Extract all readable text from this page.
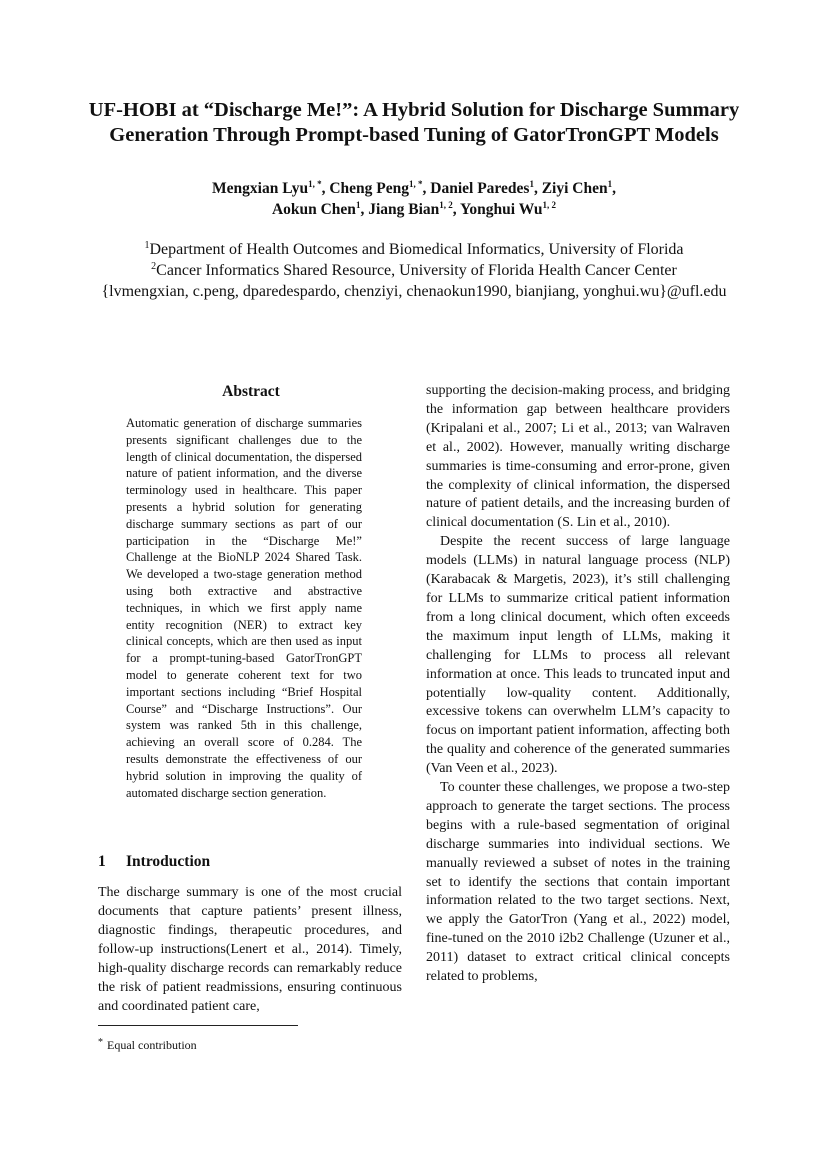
UF-HOBI at “Discharge Me!”: A Hybrid Solution for Discharge Summary
Generation Through Prompt-based Tuning of GatorTronGPT Models
Mengxian Lyu$^{1, *}$, Cheng Peng$^{1, *}$, Daniel Paredes$^1$, Ziyi Chen$^1$,
Aokun Chen$^1$, Jiang Bian$^{1, 2}$, Yonghui Wu$^{1, 2}$
$^1$Department of Health Outcomes and Biomedical Informatics, University of Florida
$^2$Cancer Informatics Shared Resource, University of Florida Health Cancer Center
{lvmengxian, c.peng, dparedespardo, chenziyi, chenaokun1990, bianjiang, yonghui.wu}@ufl.edu
Abstract
Automatic generation of discharge summaries presents significant challenges due to the length of clinical documentation, the dispersed nature of patient information, and the diverse terminology used in healthcare. This paper presents a hybrid solution for generating discharge summary sections as part of our participation in the “Discharge Me!” Challenge at the BioNLP 2024 Shared Task. We developed a two-stage generation method using both extractive and abstractive techniques, in which we first apply name entity recognition (NER) to extract key clinical concepts, which are then used as input for a prompt-tuning-based GatorTronGPT model to generate coherent text for two important sections including “Brief Hospital Course” and “Discharge Instructions”. Our system was ranked 5th in this challenge, achieving an overall score of 0.284. The results demonstrate the effectiveness of our hybrid solution in improving the quality of automated discharge section generation.
1 Introduction
The discharge summary is one of the most crucial documents that capture patients’ present illness, diagnostic findings, therapeutic procedures, and follow-up instructions(Lenert et al., 2014). Timely, high-quality discharge records can remarkably reduce the risk of patient readmissions, ensuring continuous and coordinated patient care,

supporting the decision-making process, and bridging the information gap between healthcare providers (Kripalani et al., 2007; Li et al., 2013; van Walraven et al., 2002). However, manually writing discharge summaries is time-consuming and error-prone, given the complexity of clinical information, the dispersed nature of patient details, and the increasing burden of clinical documentation (S. Lin et al., 2010).

Despite the recent success of large language models (LLMs) in natural language process (NLP) (Karabacak & Margetis, 2023), it’s still challenging for LLMs to summarize critical patient information from a long clinical document, which often exceeds the maximum input length of LLMs, making it challenging for LLMs to process all relevant information at once. This leads to truncated input and potentially low-quality content. Additionally, excessive tokens can overwhelm LLM’s capacity to focus on important patient information, affecting both the quality and coherence of the generated summaries (Van Veen et al., 2023).

To counter these challenges, we propose a two-step approach to generate the target sections. The process begins with a rule-based segmentation of original discharge summaries into individual sections. We manually reviewed a subset of notes in the training set to identify the sections that contain important information related to the two target sections. Next, we apply the GatorTron (Yang et al., 2022) model, fine-tuned on the 2010 i2b2 Challenge (Uzuner et al., 2011) dataset to extract critical clinical concepts related to problems,

* Equal contribution
